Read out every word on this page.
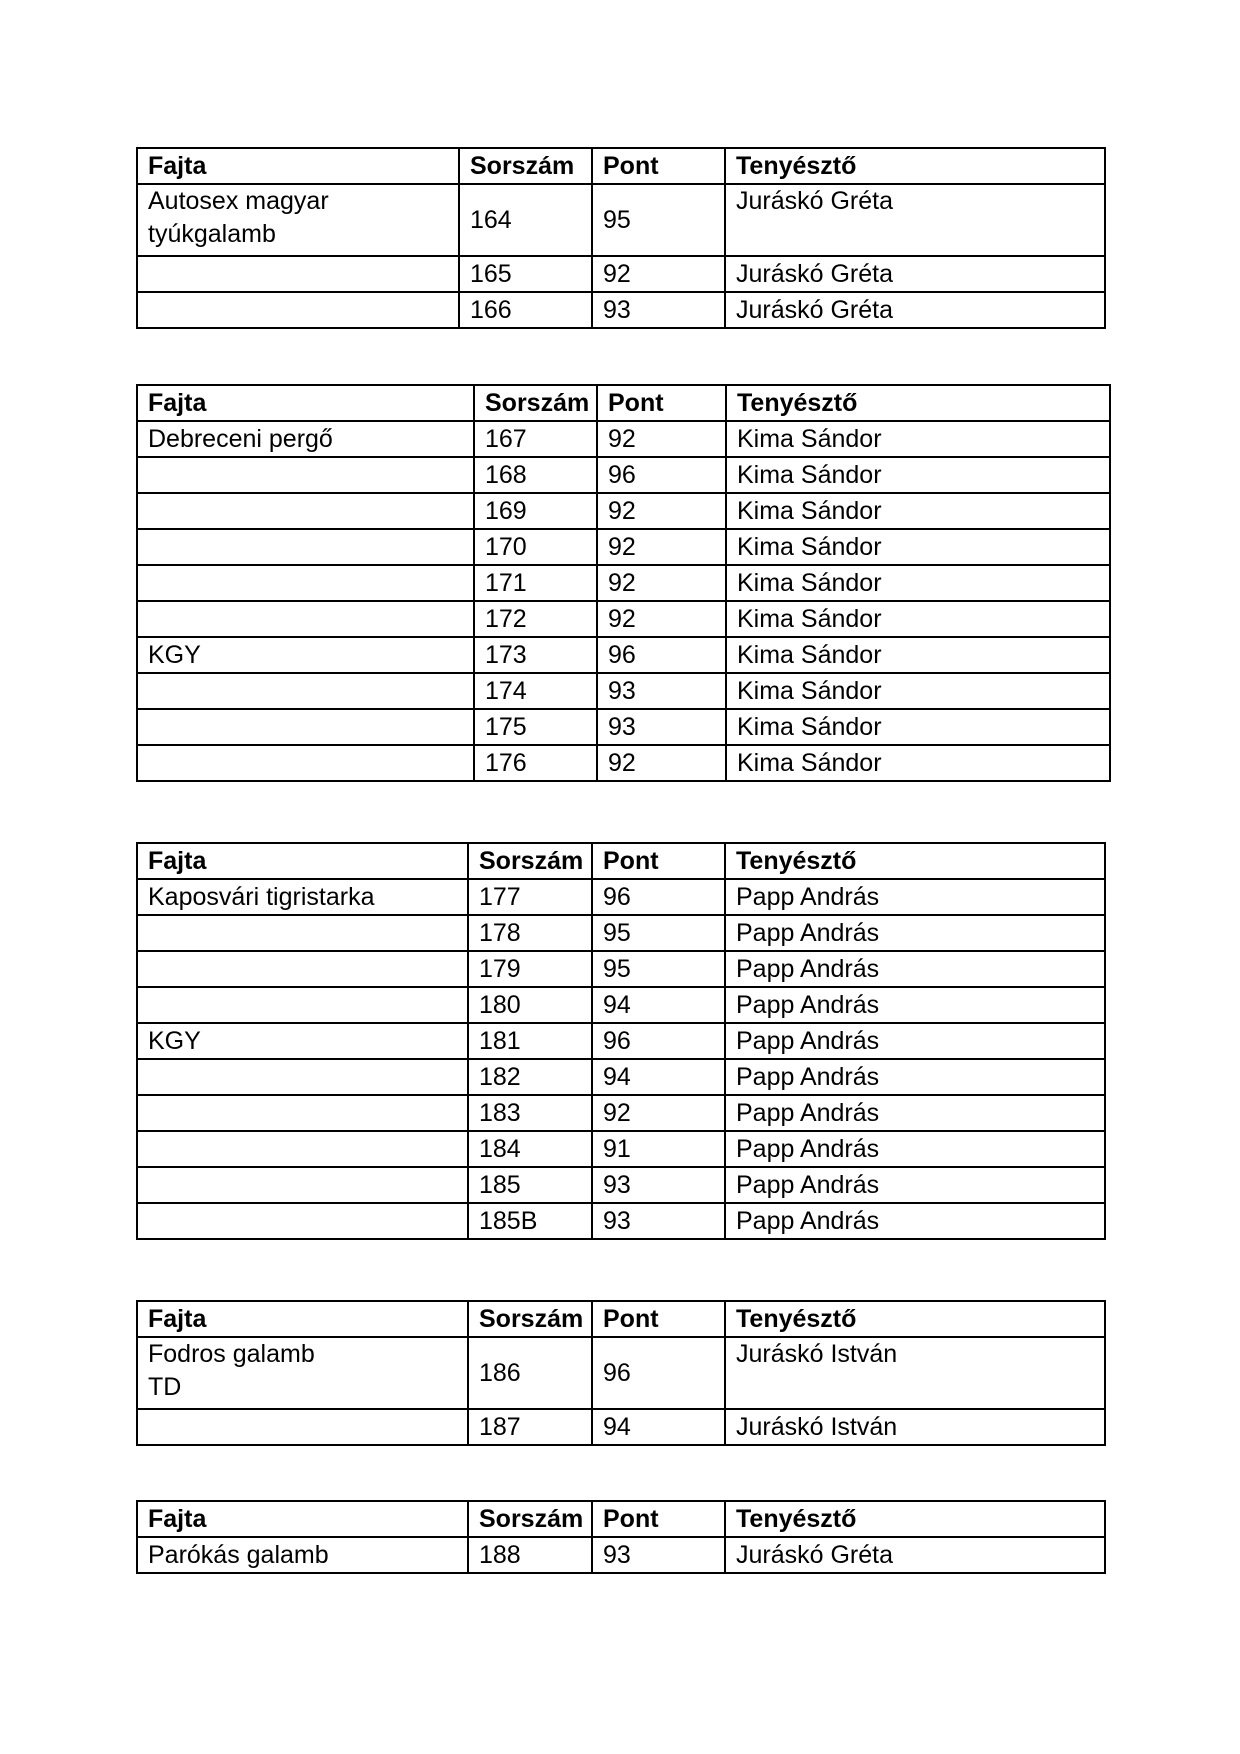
Fajta	Sorszám	Pont	Tenyésztő
Autosex magyar
tyúkgalamb	164	95	Juráskó Gréta
	165	92	Juráskó Gréta
	166	93	Juráskó Gréta
Fajta	Sorszám	Pont	Tenyésztő
Debreceni pergő	167	92	Kima Sándor
	168	96	Kima Sándor
	169	92	Kima Sándor
	170	92	Kima Sándor
	171	92	Kima Sándor
	172	92	Kima Sándor
KGY	173	96	Kima Sándor
	174	93	Kima Sándor
	175	93	Kima Sándor
	176	92	Kima Sándor
Fajta	Sorszám	Pont	Tenyésztő
Kaposvári tigristarka	177	96	Papp András
	178	95	Papp András
	179	95	Papp András
	180	94	Papp András
KGY	181	96	Papp András
	182	94	Papp András
	183	92	Papp András
	184	91	Papp András
	185	93	Papp András
	185B	93	Papp András
Fajta	Sorszám	Pont	Tenyésztő
Fodros galamb
TD	186	96	Juráskó István
	187	94	Juráskó István
Fajta	Sorszám	Pont	Tenyésztő
Parókás galamb	188	93	Juráskó Gréta
